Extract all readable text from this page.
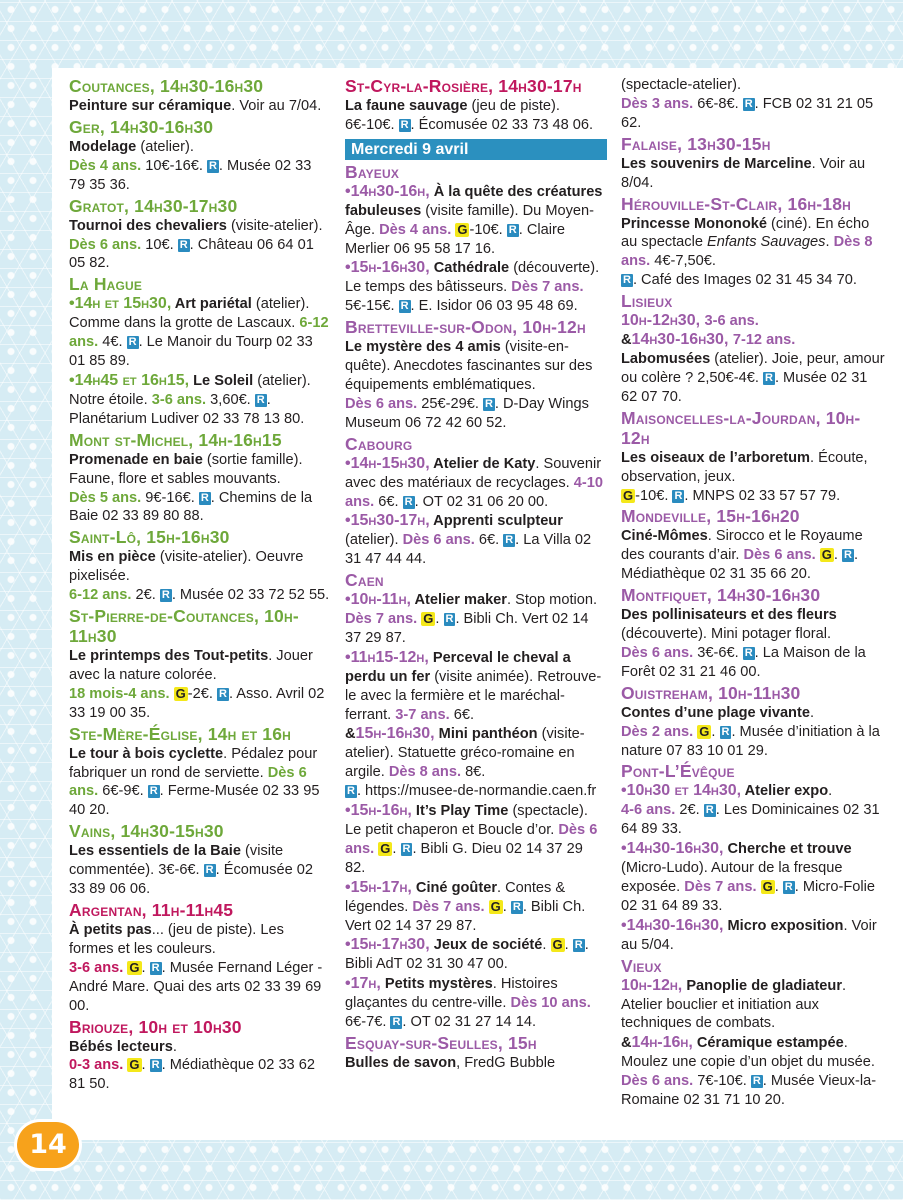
Coutances, 14h30-16h30

Peinture sur céramique. Voir au 7/04.

Ger, 14h30-16h30

Modelage (atelier).
Dès 4 ans. 10€-16€. R . Musée 02 33 79 35 36.

Gratot, 14h30-17h30

Tournoi des chevaliers (visite-atelier).
Dès 6 ans. 10€. R . Château 06 64 01 05 82.

La Hague

•14h et 15h30, Art pariétal (atelier). Comme dans la grotte de Lascaux. 6-12 ans. 4€. R . Le Manoir du Tourp 02 33 01 85 89.

•14h45 et 16h15, Le Soleil (atelier). Notre étoile. 3-6 ans. 3,60€. R . Planétarium Ludiver 02 33 78 13 80.

Mont st-Michel, 14h-16h15

Promenade en baie (sortie famille). Faune, flore et sables mouvants.
Dès 5 ans. 9€-16€. R . Chemins de la Baie 02 33 89 80 88.

Saint-Lô, 15h-16h30

Mis en pièce (visite-atelier). Oeuvre pixelisée.
6-12 ans. 2€. R . Musée 02 33 72 52 55.

St-Pierre-de-Coutances, 10h-11h30

Le printemps des Tout-petits. Jouer avec la nature colorée.
18 mois-4 ans. G -2€. R . Asso. Avril 02 33 19 00 35.

Ste-Mère-Église, 14h et 16h

Le tour à bois cyclette. Pédalez pour fabriquer un rond de serviette. Dès 6 ans. 6€-9€. R . Ferme-Musée 02 33 95 40 20.

Vains, 14h30-15h30

Les essentiels de la Baie (visite commentée). 3€-6€. R . Écomusée 02 33 89 06 06.

Argentan, 11h-11h45

À petits pas... (jeu de piste). Les formes et les couleurs.
3-6 ans. G . R . Musée Fernand Léger - André Mare. Quai des arts 02 33 39 69 00.

Briouze, 10h et 10h30

Bébés lecteurs.
0-3 ans. G . R . Médiathèque 02 33 62 81 50.

St-Cyr-la-Rosière, 14h30-17h

La faune sauvage (jeu de piste).
6€-10€. R . Écomusée 02 33 73 48 06.

Mercredi 9 avril
Bayeux

•14h30-16h, À la quête des créatures fabuleuses (visite famille). Du Moyen-Âge. Dès 4 ans. G -10€. R . Claire Merlier 06 95 58 17 16.

•15h-16h30, Cathédrale (découverte). Le temps des bâtisseurs. Dès 7 ans. 5€-15€. R . E. Isidor 06 03 95 48 69.

Bretteville-sur-Odon, 10h-12h

Le mystère des 4 amis (visite-en-quête). Anecdotes fascinantes sur des équipements emblématiques.
Dès 6 ans. 25€-29€. R . D-Day Wings Museum 06 72 42 60 52.

Cabourg

•14h-15h30, Atelier de Katy. Souvenir avec des matériaux de recyclages. 4-10 ans. 6€. R . OT 02 31 06 20 00.

•15h30-17h, Apprenti sculpteur (atelier). Dès 6 ans. 6€. R . La Villa 02 31 47 44 44.

Caen

•10h-11h, Atelier maker. Stop motion. Dès 7 ans. G . R . Bibli Ch. Vert 02 14 37 29 87.

•11h15-12h, Perceval le cheval a perdu un fer (visite animée). Retrouve-le avec la fermière et le maréchal-ferrant. 3-7 ans. 6€.

&15h-16h30, Mini panthéon (visite-atelier). Statuette gréco-romaine en argile. Dès 8 ans. 8€.
R . https://musee-de-normandie.caen.fr

•15h-16h, It’s Play Time (spectacle). Le petit chaperon et Boucle d’or. Dès 6 ans. G . R . Bibli G. Dieu 02 14 37 29 82.

•15h-17h, Ciné goûter. Contes & légendes. Dès 7 ans. G . R . Bibli Ch. Vert 02 14 37 29 87.

•15h-17h30, Jeux de société. G . R . Bibli AdT 02 31 30 47 00.

•17h, Petits mystères. Histoires glaçantes du centre-ville. Dès 10 ans. 6€-7€. R . OT 02 31 27 14 14.

Esquay-sur-Seulles, 15h

Bulles de savon, FredG Bubble

(spectacle-atelier).
Dès 3 ans. 6€-8€. R . FCB 02 31 21 05 62.

Falaise, 13h30-15h

Les souvenirs de Marceline. Voir au 8/04.

Hérouville-St-Clair, 16h-18h

Princesse Mononoké (ciné). En écho au spectacle Enfants Sauvages. Dès 8 ans. 4€-7,50€.
R . Café des Images 02 31 45 34 70.

Lisieux

10h-12h30, 3-6 ans.
&14h30-16h30, 7-12 ans.
Labomusées (atelier). Joie, peur, amour ou colère ? 2,50€-4€. R . Musée 02 31 62 07 70.

Maisoncelles-la-Jourdan, 10h-12h

Les oiseaux de l’arboretum. Écoute, observation, jeux.
G -10€. R . MNPS 02 33 57 57 79.

Mondeville, 15h-16h20

Ciné-Mômes. Sirocco et le Royaume des courants d’air. Dès 6 ans. G . R . Médiathèque 02 31 35 66 20.

Montfiquet, 14h30-16h30

Des pollinisateurs et des fleurs (découverte). Mini potager floral.
Dès 6 ans. 3€-6€. R . La Maison de la Forêt 02 31 21 46 00.

Ouistreham, 10h-11h30

Contes d’une plage vivante.
Dès 2 ans. G . R . Musée d’initiation à la nature 07 83 10 01 29.

Pont-L’Évêque

•10h30 et 14h30, Atelier expo.
4-6 ans. 2€. R . Les Dominicaines 02 31 64 89 33.

•14h30-16h30, Cherche et trouve (Micro-Ludo). Autour de la fresque exposée. Dès 7 ans. G . R . Micro-Folie 02 31 64 89 33.

•14h30-16h30, Micro exposition. Voir au 5/04.

Vieux

10h-12h, Panoplie de gladiateur. Atelier bouclier et initiation aux techniques de combats.

&14h-16h, Céramique estampée. Moulez une copie d’un objet du musée. Dès 6 ans. 7€-10€. R . Musée Vieux-la-Romaine 02 31 71 10 20.

14
